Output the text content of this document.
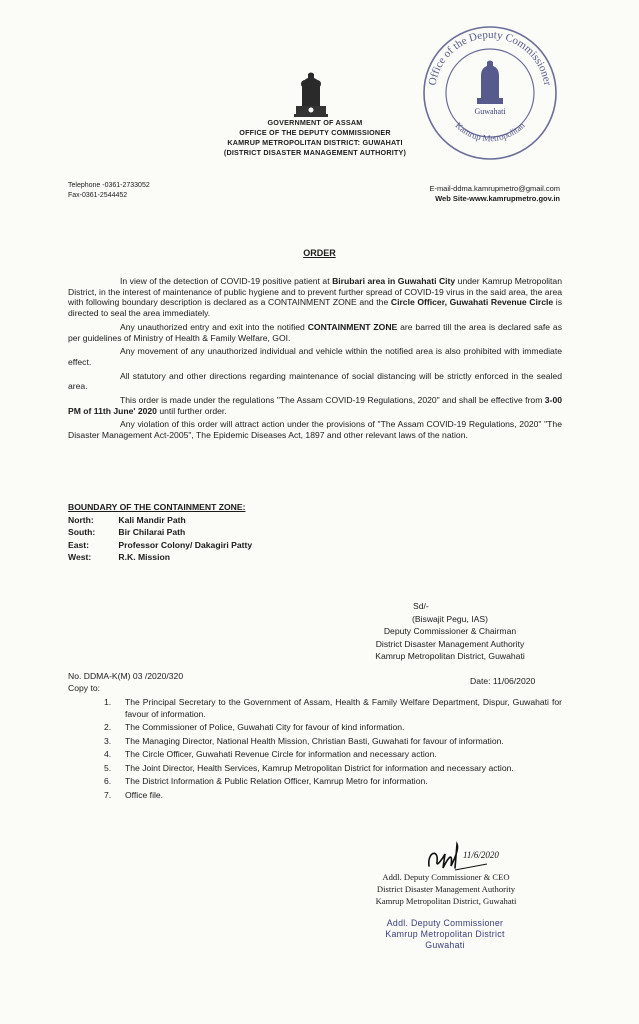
GOVERNMENT OF ASSAM
OFFICE OF THE DEPUTY COMMISSIONER
KAMRUP METROPOLITAN DISTRICT: GUWAHATI
(DISTRICT DISASTER MANAGEMENT AUTHORITY)
Office of the Deputy Commissioner
Guwahati
Kamrup Metropolitan
Telephone -0361-2733052
Fax-0361-2544452
E-mail-ddma.kamrupmetro@gmail.com
Web Site-www.kamrupmetro.gov.in
ORDER

In view of the detection of COVID-19 positive patient at Birubari area in Guwahati City under Kamrup Metropolitan District, in the interest of maintenance of public hygiene and to prevent further spread of COVID-19 virus in the said area, the area with following boundary description is declared as a CONTAINMENT ZONE and the Circle Officer, Guwahati Revenue Circle is directed to seal the area immediately.

Any unauthorized entry and exit into the notified CONTAINMENT ZONE are barred till the area is declared safe as per guidelines of Ministry of Health & Family Welfare, GOI.

Any movement of any unauthorized individual and vehicle within the notified area is also prohibited with immediate effect.

All statutory and other directions regarding maintenance of social distancing will be strictly enforced in the sealed area.

This order is made under the regulations "The Assam COVID-19 Regulations, 2020" and shall be effective from 3-00 PM of 11th June' 2020 until further order.

Any violation of this order will attract action under the provisions of "The Assam COVID-19 Regulations, 2020" "The Disaster Management Act-2005", The Epidemic Diseases Act, 1897 and other relevant laws of the nation.

BOUNDARY OF THE CONTAINMENT ZONE:
North:	Kali Mandir Path
South:	Bir Chilarai Path
East:	Professor Colony/ Dakagiri Patty
West:	R.K. Mission
Sd/-
(Biswajit Pegu, IAS)
Deputy Commissioner & Chairman
District Disaster Management Authority
Kamrup Metropolitan District, Guwahati
No. DDMA-K(M) 03 /2020/320
Copy to:
Date: 11/06/2020
1. The Principal Secretary to the Government of Assam, Health & Family Welfare Department, Dispur, Guwahati for favour of information.
2. The Commissioner of Police, Guwahati City for favour of kind information.
3. The Managing Director, National Health Mission, Christian Basti, Guwahati for favour of information.
4. The Circle Officer, Guwahati Revenue Circle for information and necessary action.
5. The Joint Director, Health Services, Kamrup Metropolitan District for information and necessary action.
6. The District Information & Public Relation Officer, Kamrup Metro for information.
7. Office file.
11/6/2020
Addl. Deputy Commissioner & CEO
District Disaster Management Authority
Kamrup Metropolitan District, Guwahati
Addl. Deputy Commissioner
Kamrup Metropolitan District
Guwahati
